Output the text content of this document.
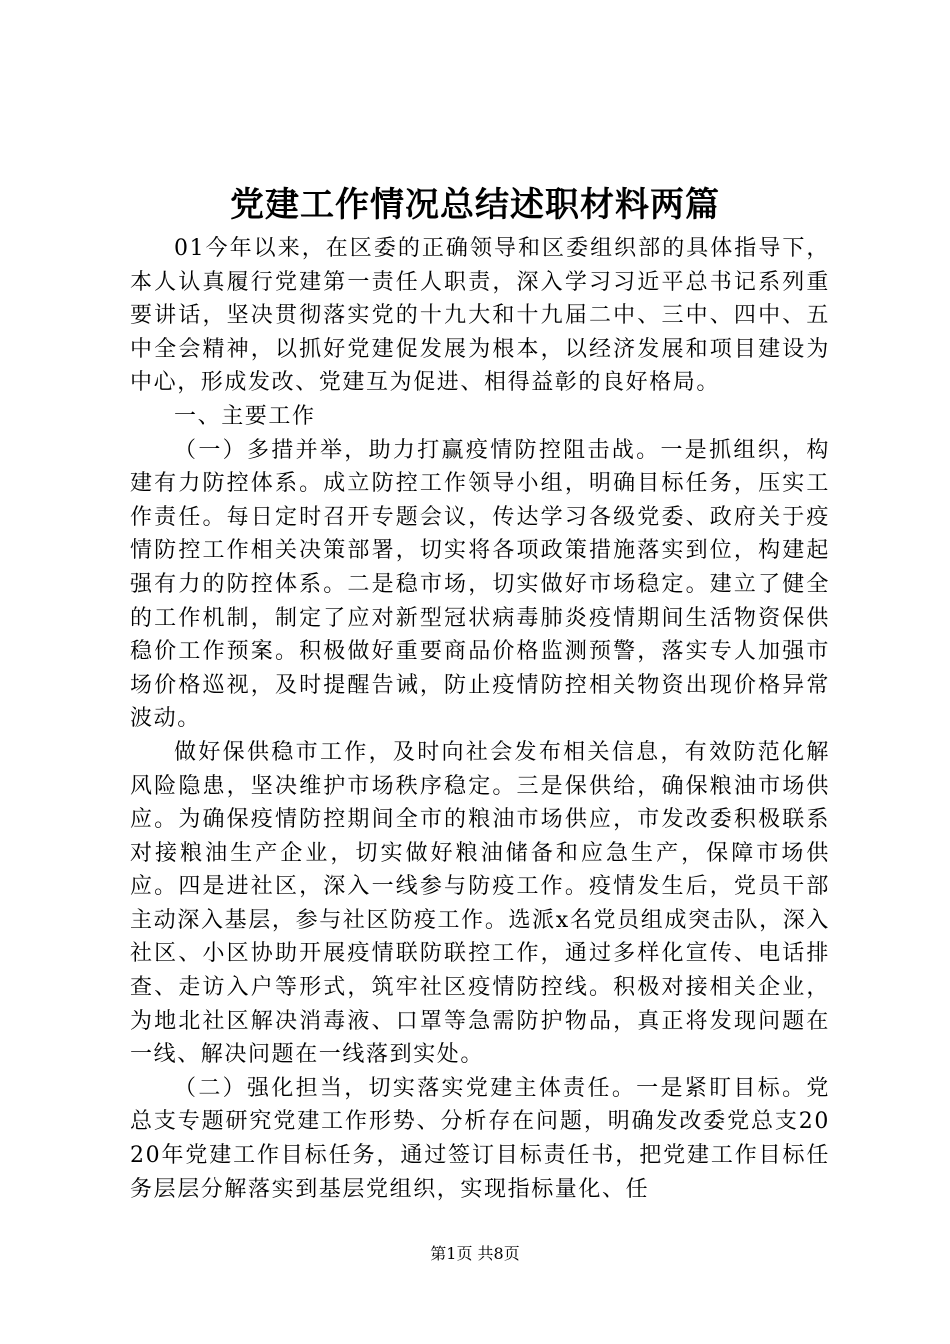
党建工作情况总结述职材料两篇

01今年以来，在区委的正确领导和区委组织部的具体指导下，本人认真履行党建第一责任人职责，深入学习习近平总书记系列重要讲话，坚决贯彻落实党的十九大和十九届二中、三中、四中、五中全会精神，以抓好党建促发展为根本，以经济发展和项目建设为中心，形成发改、党建互为促进、相得益彰的良好格局。

一、主要工作

（一）多措并举，助力打赢疫情防控阻击战。一是抓组织，构建有力防控体系。成立防控工作领导小组，明确目标任务，压实工作责任。每日定时召开专题会议，传达学习各级党委、政府关于疫情防控工作相关决策部署，切实将各项政策措施落实到位，构建起强有力的防控体系。二是稳市场，切实做好市场稳定。建立了健全的工作机制，制定了应对新型冠状病毒肺炎疫情期间生活物资保供稳价工作预案。积极做好重要商品价格监测预警，落实专人加强市场价格巡视，及时提醒告诫，防止疫情防控相关物资出现价格异常波动。

做好保供稳市工作，及时向社会发布相关信息，有效防范化解风险隐患，坚决维护市场秩序稳定。三是保供给，确保粮油市场供应。为确保疫情防控期间全市的粮油市场供应，市发改委积极联系对接粮油生产企业，切实做好粮油储备和应急生产，保障市场供应。四是进社区，深入一线参与防疫工作。疫情发生后，党员干部主动深入基层，参与社区防疫工作。选派x名党员组成突击队，深入社区、小区协助开展疫情联防联控工作，通过多样化宣传、电话排查、走访入户等形式，筑牢社区疫情防控线。积极对接相关企业，为地北社区解决消毒液、口罩等急需防护物品，真正将发现问题在一线、解决问题在一线落到实处。

（二）强化担当，切实落实党建主体责任。一是紧盯目标。党总支专题研究党建工作形势、分析存在问题，明确发改委党总支2020年党建工作目标任务，通过签订目标责任书，把党建工作目标任务层层分解落实到基层党组织，实现指标量化、任

第1页 共8页
